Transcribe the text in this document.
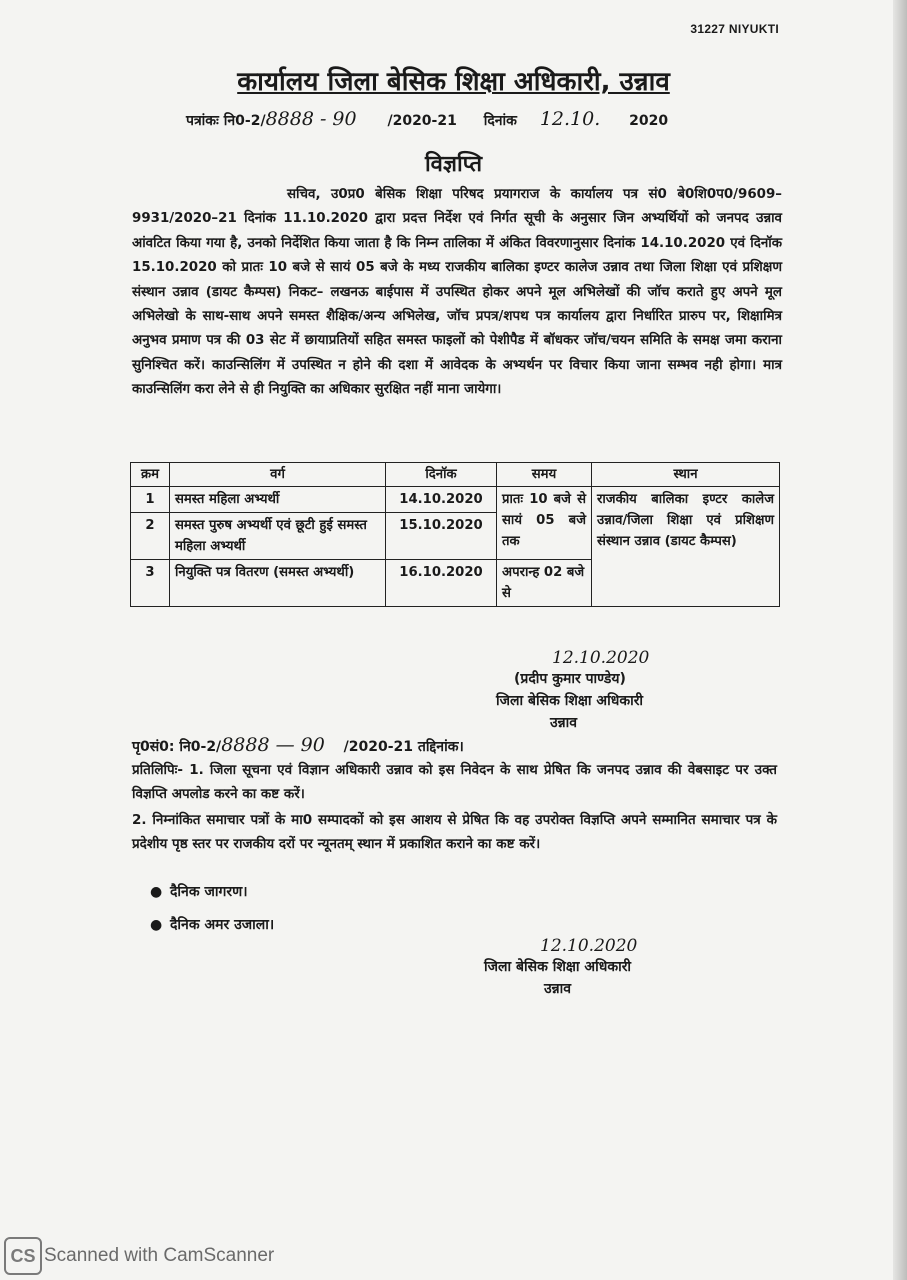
31227 NIYUKTI
कार्यालय जिला बेसिक शिक्षा अधिकारी, उन्नाव
पत्रांकः नि0-2/8888 - 90 /2020-21 दिनांक 12.10. 2020
विज्ञप्ति
सचिव, उ0प्र0 बेसिक शिक्षा परिषद प्रयागराज के कार्यालय पत्र सं0 बे0शि0प0/9609–9931/2020–21 दिनांक 11.10.2020 द्वारा प्रदत्त निर्देश एवं निर्गत सूची के अनुसार जिन अभ्यर्थियों को जनपद उन्नाव आंवटित किया गया है, उनको निर्देशित किया जाता है कि निम्न तालिका में अंकित विवरणानुसार दिनांक 14.10.2020 एवं दिनॉक 15.10.2020 को प्रातः 10 बजे से सायं 05 बजे के मध्य राजकीय बालिका इण्टर कालेज उन्नाव तथा जिला शिक्षा एवं प्रशिक्षण संस्थान उन्नाव (डायट कैम्पस) निकट– लखनऊ बाईपास में उपस्थित होकर अपने मूल अभिलेखों की जॉच कराते हुए अपने मूल अभिलेखो के साथ-साथ अपने समस्त शैक्षिक/अन्य अभिलेख, जॉच प्रपत्र/शपथ पत्र कार्यालय द्वारा निर्धारित प्रारुप पर, शिक्षामित्र अनुभव प्रमाण पत्र की 03 सेट में छायाप्रतियों सहित समस्त फाइलों को पेशीपैड में बॉधकर जॉच/चयन समिति के समक्ष जमा कराना सुनिश्चित करें। काउन्सिलिंग में उपस्थित न होने की दशा में आवेदक के अभ्यर्थन पर विचार किया जाना सम्भव नही होगा। मात्र काउन्सिलिंग करा लेने से ही नियुक्ति का अधिकार सुरक्षित नहीं माना जायेगा।
क्रम	वर्ग	दिनॉक	समय	स्थान
1	समस्त महिला अभ्यर्थी	14.10.2020	प्रातः 10 बजे से सायं 05 बजे तक	राजकीय बालिका इण्टर कालेज उन्नाव/जिला शिक्षा एवं प्रशिक्षण संस्थान उन्नाव (डायट कैम्पस)
2	समस्त पुरुष अभ्यर्थी एवं छूटी हुई समस्त महिला अभ्यर्थी	15.10.2020		
3	नियुक्ति पत्र वितरण (समस्त अभ्यर्थी)	16.10.2020	अपरान्ह 02 बजे से	
12.10.2020
(प्रदीप कुमार पाण्डेय)
जिला बेसिक शिक्षा अधिकारी
उन्नाव
पृ0सं0: नि0-2/8888 — 90 /2020-21 तद्दिनांक।
प्रतिलिपिः- 1. जिला सूचना एवं विज्ञान अधिकारी उन्नाव को इस निवेदन के साथ प्रेषित कि जनपद उन्नाव की वेबसाइट पर उक्त विज्ञप्ति अपलोड करने का कष्ट करें।
2. निम्नांकित समाचार पत्रों के मा0 सम्पादकों को इस आशय से प्रेषित कि वह उपरोक्त विज्ञप्ति अपने सम्मानित समाचार पत्र के प्रदेशीय पृष्ठ स्तर पर राजकीय दरों पर न्यूनतम् स्थान में प्रकाशित कराने का कष्ट करें।
● दैनिक जागरण।
● दैनिक अमर उजाला।
12.10.2020
जिला बेसिक शिक्षा अधिकारी
उन्नाव
CS Scanned with CamScanner
